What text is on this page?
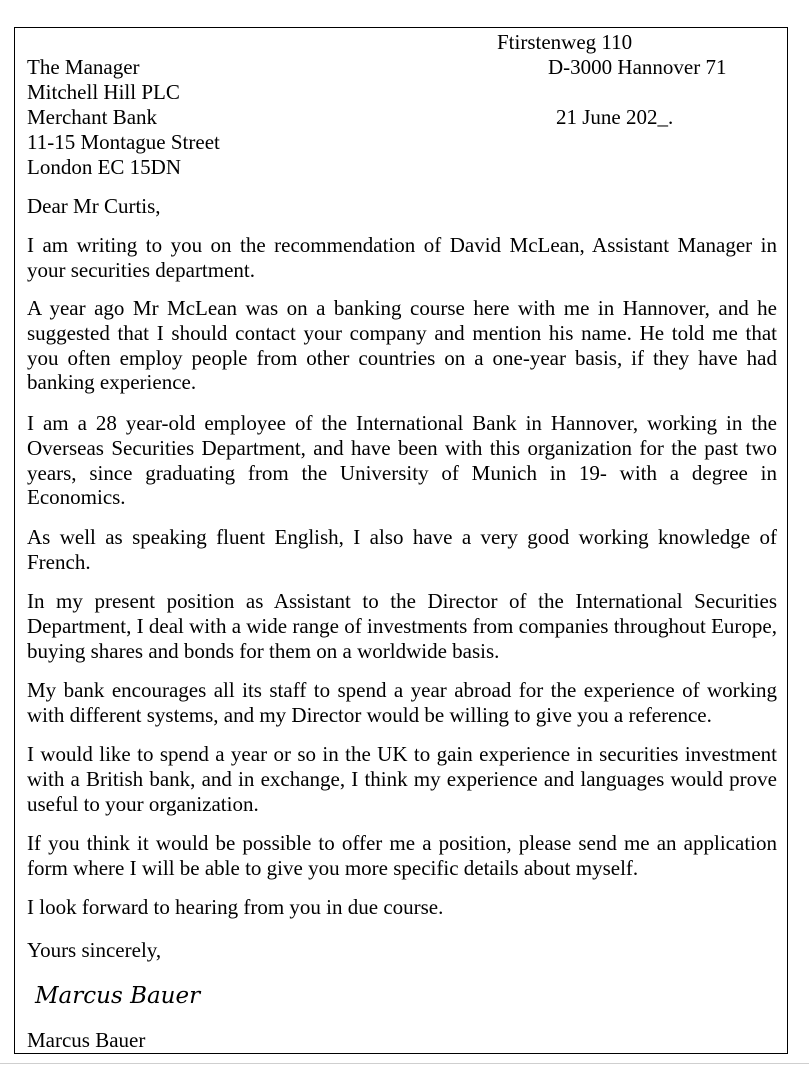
Ftirstenweg 110
D-3000 Hannover 71
21 June 202_.
The Manager
Mitchell Hill PLC
Merchant Bank
11-15 Montague Street
London EC 15DN
Dear Mr Curtis,

I am writing to you on the recommendation of David McLean, Assistant Manager in your securities department.

A year ago Mr McLean was on a banking course here with me in Hannover, and he suggested that I should contact your company and mention his name. He told me that you often employ people from other countries on a one-year basis, if they have had banking experience.

I am a 28 year-old employee of the International Bank in Hannover, working in the Overseas Securities Department, and have been with this organization for the past two years, since graduating from the University of Munich in 19- with a degree in Economics.

As well as speaking fluent English, I also have a very good working knowledge of French.

In my present position as Assistant to the Director of the International Securities Department, I deal with a wide range of investments from companies throughout Europe, buying shares and bonds for them on a worldwide basis.

My bank encourages all its staff to spend a year abroad for the experience of working with different systems, and my Director would be willing to give you a reference.

I would like to spend a year or so in the UK to gain experience in securities investment with a British bank, and in exchange, I think my experience and languages would prove useful to your organization.

If you think it would be possible to offer me a position, please send me an application form where I will be able to give you more specific details about myself.

I look forward to hearing from you in due course.

Yours sincerely,
Marcus Bauer
Marcus Bauer
